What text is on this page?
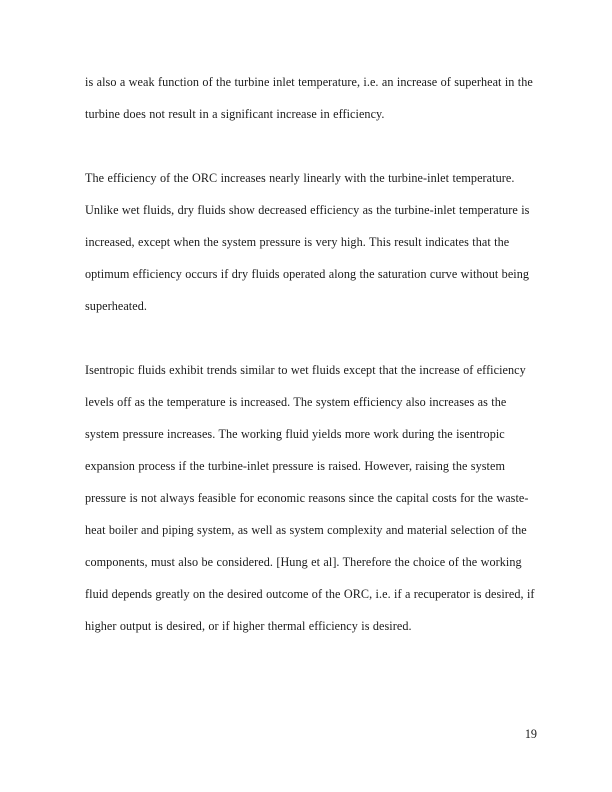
is also a weak function of the turbine inlet temperature, i.e. an increase of superheat in the turbine does not result in a significant increase in efficiency.

The efficiency of the ORC increases nearly linearly with the turbine-inlet temperature. Unlike wet fluids, dry fluids show decreased efficiency as the turbine-inlet temperature is increased, except when the system pressure is very high. This result indicates that the optimum efficiency occurs if dry fluids operated along the saturation curve without being superheated.

Isentropic fluids exhibit trends similar to wet fluids except that the increase of efficiency levels off as the temperature is increased. The system efficiency also increases as the system pressure increases. The working fluid yields more work during the isentropic expansion process if the turbine-inlet pressure is raised. However, raising the system pressure is not always feasible for economic reasons since the capital costs for the waste-heat boiler and piping system, as well as system complexity and material selection of the components, must also be considered. [Hung et al]. Therefore the choice of the working fluid depends greatly on the desired outcome of the ORC, i.e. if a recuperator is desired, if higher output is desired, or if higher thermal efficiency is desired.

19
